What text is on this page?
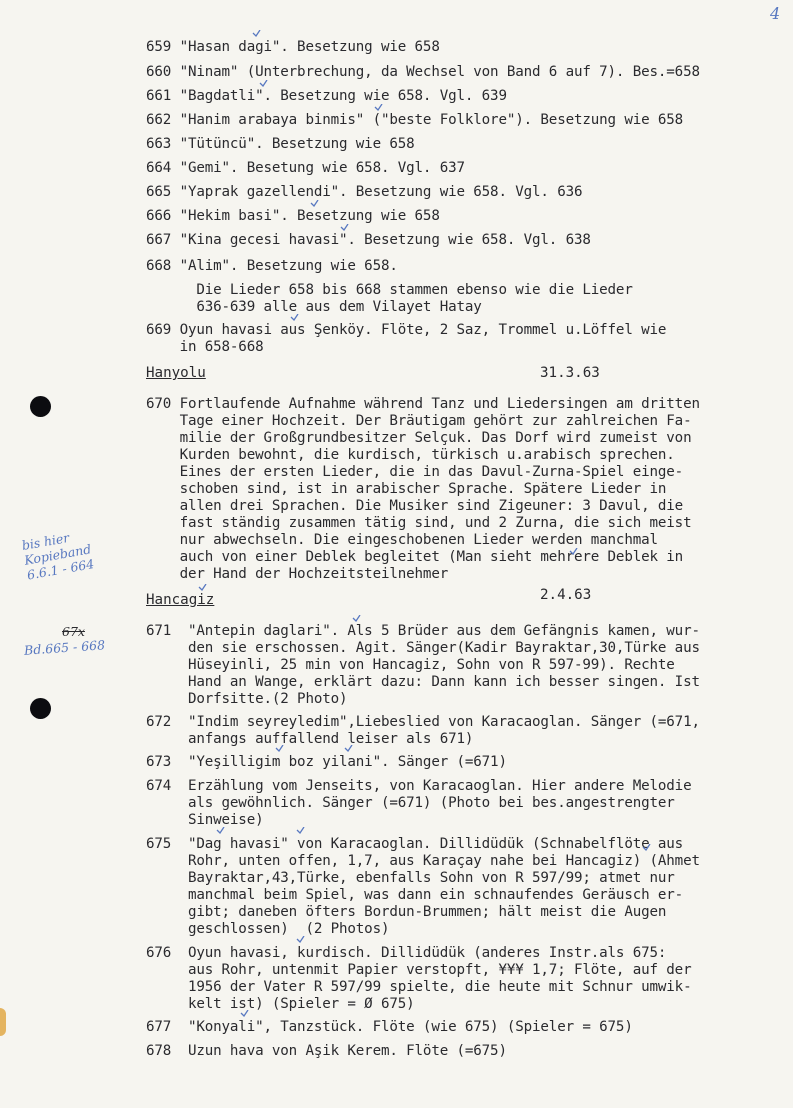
4
659 "Hasan dagi". Besetzung wie 658
660 "Ninam" (Unterbrechung, da Wechsel von Band 6 auf 7). Bes.=658
661 "Bagdatli". Besetzung wie 658. Vgl. 639
662 "Hanim arabaya binmis" ("beste Folklore"). Besetzung wie 658
663 "Tütüncü". Besetzung wie 658
664 "Gemi". Besetung wie 658. Vgl. 637
665 "Yaprak gazellendi". Besetzung wie 658. Vgl. 636
666 "Hekim basi". Besetzung wie 658
667 "Kina gecesi havasi". Besetzung wie 658. Vgl. 638
668 "Alim". Besetzung wie 658.
Die Lieder 658 bis 668 stammen ebenso wie die Lieder
636-639 alle aus dem Vilayet Hatay
669 Oyun havasi aus Şenköy. Flöte, 2 Saz, Trommel u.Löffel wie
in 658-668
Hanyolu	31.3.63
670 Fortlaufende Aufnahme während Tanz und Liedersingen am dritten
Tage einer Hochzeit. Der Bräutigam gehört zur zahlreichen Fa-
milie der Großgrundbesitzer Selçuk. Das Dorf wird zumeist von
Kurden bewohnt, die kurdisch, türkisch u.arabisch sprechen.
Eines der ersten Lieder, die in das Davul-Zurna-Spiel einge-
schoben sind, ist in arabischer Sprache. Spätere Lieder in
allen drei Sprachen. Die Musiker sind Zigeuner: 3 Davul, die
fast ständig zusammen tätig sind, und 2 Zurna, die sich meist
nur abwechseln. Die eingeschobenen Lieder werden manchmal
auch von einer Deblek begleitet (Man sieht mehrere Deblek in
der Hand der Hochzeitsteilnehmer
Hancagiz	2.4.63
671  "Antepin daglari". Als 5 Brüder aus dem Gefängnis kamen, wur-
den sie erschossen. Agit. Sänger(Kadir Bayraktar,30,Türke aus
Hüseyinli, 25 min von Hancagiz, Sohn von R 597-99). Rechte
Hand an Wange, erklärt dazu: Dann kann ich besser singen. Ist
Dorfsitte.(2 Photo)
672  "Indim seyreyledim",Liebeslied von Karacaoglan. Sänger (=671,
anfangs auffallend leiser als 671)
673  "Yeşilligim boz yilani". Sänger (=671)
674  Erzählung vom Jenseits, von Karacaoglan. Hier andere Melodie
als gewöhnlich. Sänger (=671) (Photo bei bes.angestrengter
Sinweise)
675  "Dag havasi" von Karacaoglan. Dillidüdük (Schnabelflöte aus
Rohr, unten offen, 1,7, aus Karaçay nahe bei Hancagiz) (Ahmet
Bayraktar,43,Türke, ebenfalls Sohn von R 597/99; atmet nur
manchmal beim Spiel, was dann ein schnaufendes Geräusch er-
gibt; daneben öfters Bordun-Brummen; hält meist die Augen
geschlossen)  (2 Photos)
676  Oyun havasi, kurdisch. Dillidüdük (anderes Instr.als 675:
aus Rohr, untenmit Papier verstopft, ¥¥¥ 1,7; Flöte, auf der
1956 der Vater R 597/99 spielte, die heute mit Schnur umwik-
kelt ist) (Spieler = Ø 675)
677  "Konyali", Tanzstück. Flöte (wie 675) (Spieler = 675)
678  Uzun hava von Aşik Kerem. Flöte (=675)
bis hier
Kopieband
6.6.1 - 664
67x
Bd.665 - 668
